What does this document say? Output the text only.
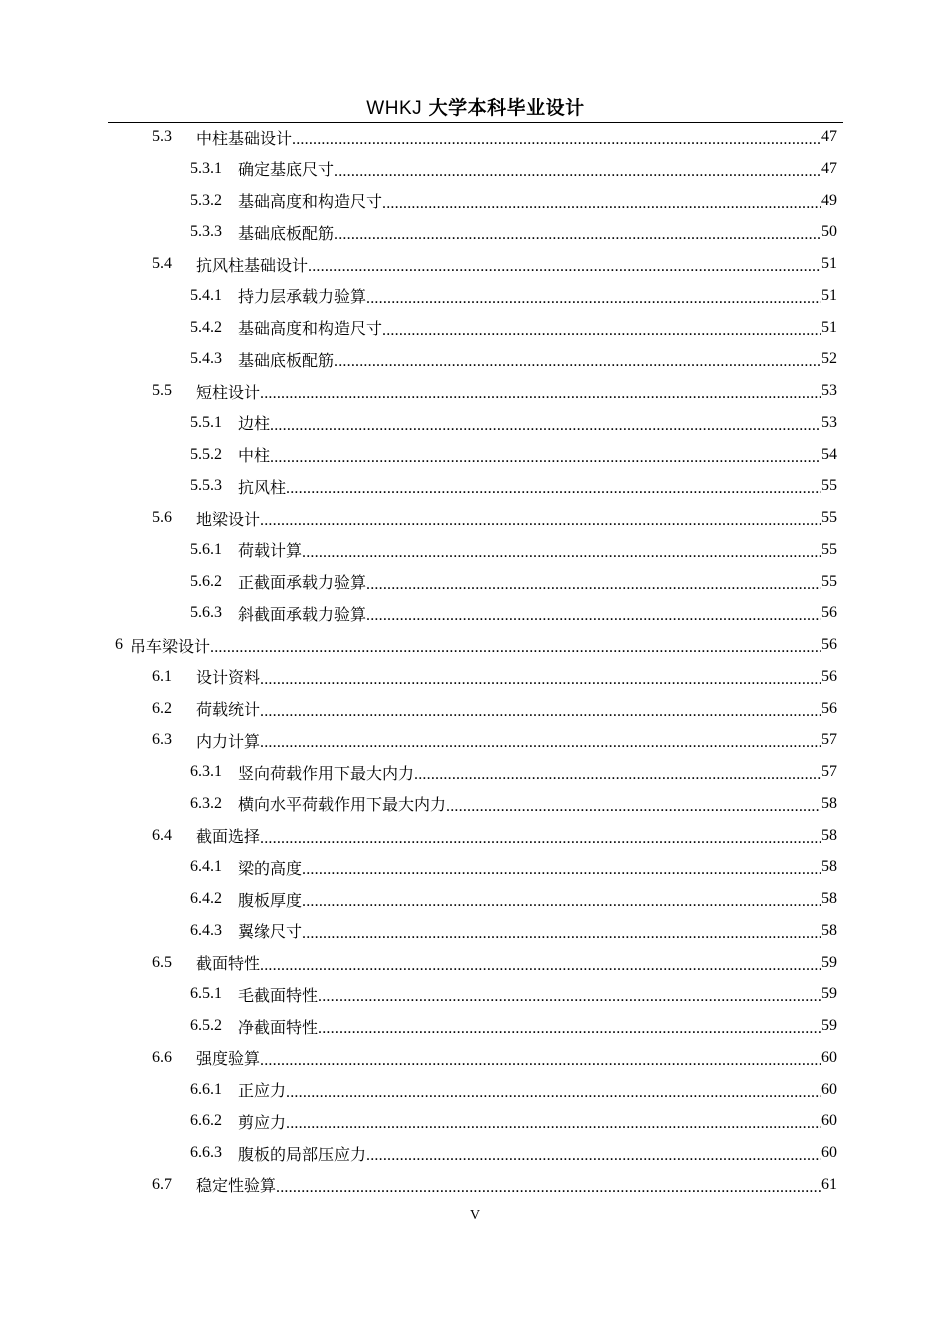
WHKJ 大学本科毕业设计
5.3	中柱基础设计 .....	47
5.3.1	确定基底尺寸 .....	47
5.3.2	基础高度和构造尺寸 .....	49
5.3.3	基础底板配筋 .....	50
5.4	抗风柱基础设计 .....	51
5.4.1	持力层承载力验算 .....	51
5.4.2	基础高度和构造尺寸 .....	51
5.4.3	基础底板配筋 .....	52
5.5	短柱设计 .....	53
5.5.1	边柱 .....	53
5.5.2	中柱 .....	54
5.5.3	抗风柱 .....	55
5.6	地梁设计 .....	55
5.6.1	荷载计算 .....	55
5.6.2	正截面承载力验算 .....	55
5.6.3	斜截面承载力验算 .....	56
6 吊车梁设计 .....	56
6.1	设计资料 .....	56
6.2	荷载统计 .....	56
6.3	内力计算 .....	57
6.3.1	竖向荷载作用下最大内力 .....	57
6.3.2	横向水平荷载作用下最大内力 .....	58
6.4	截面选择 .....	58
6.4.1	梁的高度 .....	58
6.4.2	腹板厚度 .....	58
6.4.3	翼缘尺寸 .....	58
6.5	截面特性 .....	59
6.5.1	毛截面特性 .....	59
6.5.2	净截面特性 .....	59
6.6	强度验算 .....	60
6.6.1	正应力 .....	60
6.6.2	剪应力 .....	60
6.6.3	腹板的局部压应力 .....	60
6.7	稳定性验算 .....	61
V
